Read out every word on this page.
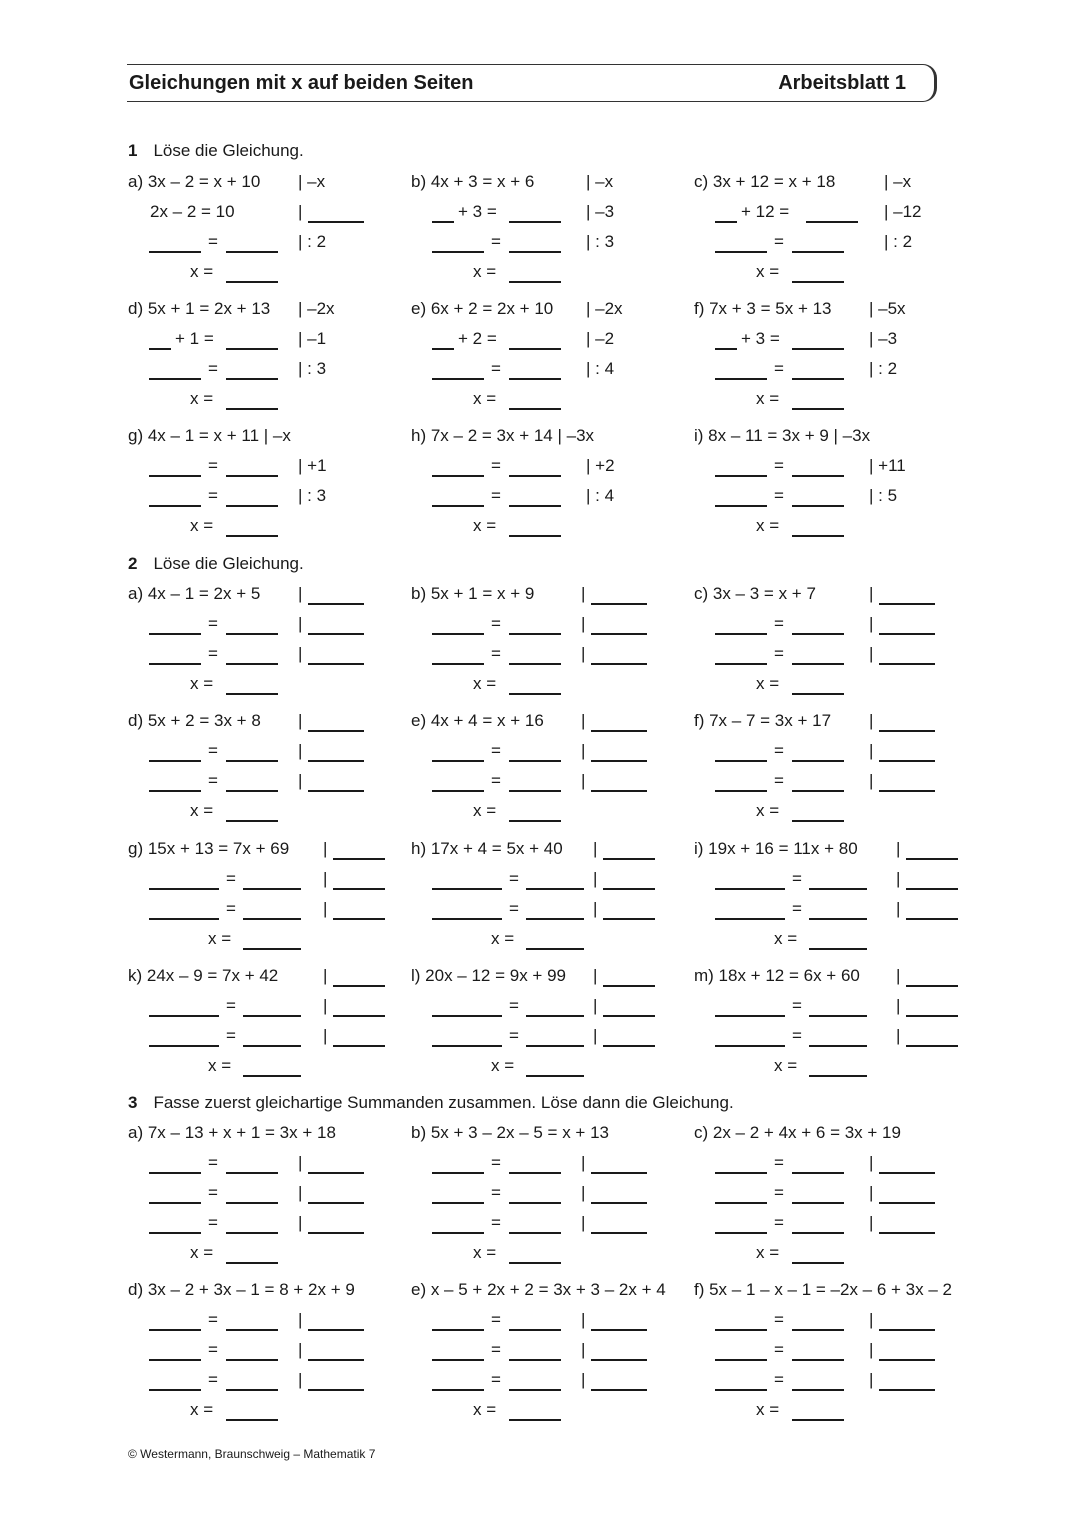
Gleichungen mit x auf beiden Seiten	Arbeitsblatt 1
1 Löse die Gleichung.
2 Löse die Gleichung.
3 Fasse zuerst gleichartige Summanden zusammen. Löse dann die Gleichung.
a) 3x – 2 = x + 10 | –x
2x – 2 = 10	|
=	| : 2
x =
b) 4x + 3 = x + 6	| –x
+ 3 =	| –3
=	| : 3
x =
c) 3x + 12 = x + 18	| –x
+ 12 =	| –12
=	| : 2
x =
d) 5x + 1 = 2x + 13 | –2x
+ 1 =	| –1
=	| : 3
x =
e) 6x + 2 = 2x + 10 | –2x
+ 2 =	| –2
=	| : 4
x =
f) 7x + 3 = 5x + 13 | –5x
+ 3 =	| –3
=	| : 2
x =
g) 4x – 1 = x + 11 | –x
=	| +1
=	| : 3
x =
h) 7x – 2 = 3x + 14 | –3x
=	| +2
=	| : 4
x =
i) 8x – 11 = 3x + 9 | –3x
=	| +11
=	| : 5
x =
a) 4x – 1 = 2x + 5 |
=	|
=	|
x =
b) 5x + 1 = x + 9	|
=	|
=	|
x =
c) 3x – 3 = x + 7	|
=	|
=	|
x =
d) 5x + 2 = 3x + 8 |
=	|
=	|
x =
e) 4x + 4 = x + 16 |
=	|
=	|
x =
f) 7x – 7 = 3x + 17 |
=	|
=	|
x =
g) 15x + 13 = 7x + 69 |
=	|
=	|
x =
h) 17x + 4 = 5x + 40 |
=	|
=	|
x =
i) 19x + 16 = 11x + 80 |
=	|
=	|
x =
k) 24x – 9 = 7x + 42	|
=	|
=	|
x =
l) 20x – 12 = 9x + 99 |
=	|
=	|
x =
m) 18x + 12 = 6x + 60 |
=	|
=	|
x =
a) 7x – 13 + x + 1 = 3x + 18
=	|
=	|
=	|
x =
b) 5x + 3 – 2x – 5 = x + 13
=	|
=	|
=	|
x =
c) 2x – 2 + 4x + 6 = 3x + 19
=	|
=	|
=	|
x =
d) 3x – 2 + 3x – 1 = 8 + 2x + 9
=	|
=	|
=	|
x =
e) x – 5 + 2x + 2 = 3x + 3 – 2x + 4
=	|
=	|
=	|
x =
f) 5x – 1 – x – 1 = –2x – 6 + 3x – 2
=	|
=	|
=	|
x =
© Westermann, Braunschweig – Mathematik 7
